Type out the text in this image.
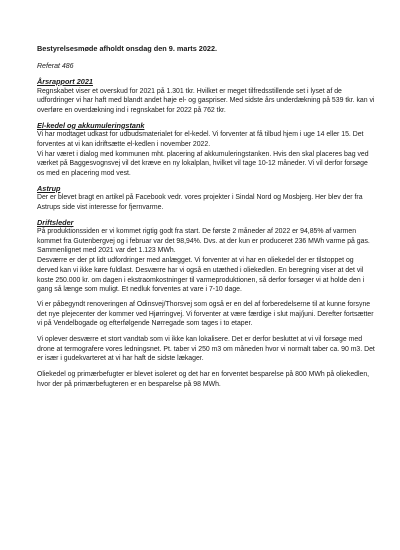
Bestyrelsesmøde afholdt onsdag den 9. marts 2022.

Referat 486

Årsrapport 2021

Regnskabet viser et overskud for 2021 på 1.301 tkr. Hvilket er meget tilfredsstillende set i lyset af de udfordringer vi har haft med blandt andet høje el- og gaspriser. Med sidste års underdækning på 539 tkr. kan vi overføre en overdækning ind i regnskabet for 2022 på 762 tkr.

El-kedel og akkumuleringstank

Vi har modtaget udkast for udbudsmaterialet for el-kedel. Vi forventer at få tilbud hjem i uge 14 eller 15. Det forventes at vi kan idriftsætte el-kedlen i november 2022.

Vi har været i dialog med kommunen mht. placering af akkumuleringstanken. Hvis den skal placeres bag ved værket på Baggesvognsvej vil det kræve en ny lokalplan, hvilket vil tage 10-12 måneder. Vi vil derfor forsøge os med en placering mod vest.

Astrup

Der er blevet bragt en artikel på Facebook vedr. vores projekter i Sindal Nord og Mosbjerg. Her blev der fra Astrups side vist interesse for fjernvarme.

Driftsleder

På produktionssiden er vi kommet rigtig godt fra start. De første 2 måneder af 2022 er 94,85% af varmen kommet fra Gutenbergvej og i februar var det 98,94%. Dvs. at der kun er produceret 236 MWh varme på gas. Sammenlignet med 2021 var det 1.123 MWh.

Desværre er der pt lidt udfordringer med anlægget. Vi forventer at vi har en oliekedel der er tilstoppet og derved kan vi ikke køre fuldlast. Desværre har vi også en utæthed i oliekedlen. En beregning viser at det vil koste 250.000 kr. om dagen i ekstraomkostninger til varmeproduktionen, så derfor forsøger vi at holde den i gang så længe som muligt. Et nedluk forventes at vare i 7-10 dage.

Vi er påbegyndt renoveringen af Odinsvej/Thorsvej som også er en del af forberedelserne til at kunne forsyne det nye plejecenter der kommer ved Hjørringvej. Vi forventer at være færdige i slut maj/juni. Derefter fortsætter vi på Vendelbogade og efterfølgende Nørregade som tages i to etaper.

Vi oplever desværre et stort vandtab som vi ikke kan lokalisere. Det er derfor besluttet at vi vil forsøge med drone at termografere vores ledningsnet. Pt. taber vi 250 m3 om måneden hvor vi normalt taber ca. 90 m3. Det er især i gudekvarteret at vi har haft de sidste lækager.

Oliekedel og primærbefugter er blevet isoleret og det har en forventet besparelse på 800 MWh på oliekedlen, hvor der på primærbefugteren er en besparelse på 98 MWh.
